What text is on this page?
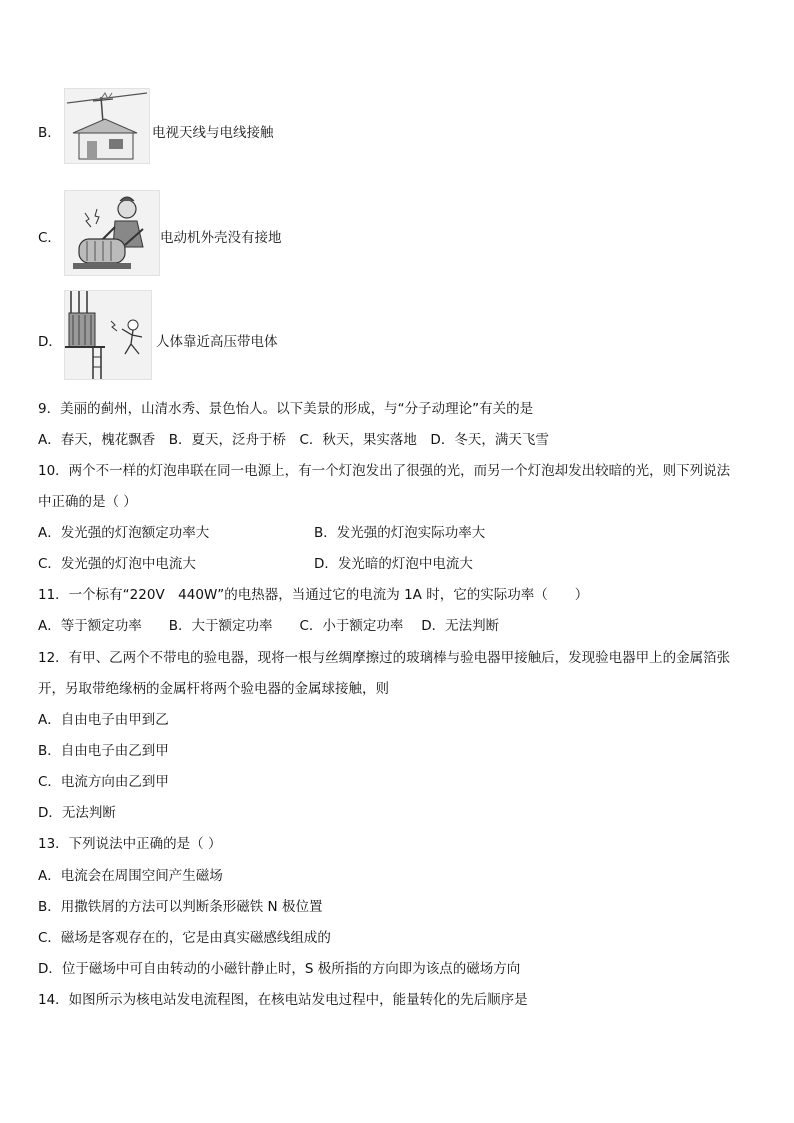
B．	电视天线与电线接触
C．	电动机外壳没有接地
D．	人体靠近高压带电体
9．美丽的蓟州，山清水秀、景色怡人。以下美景的形成，与“分子动理论”有关的是
A．春天，槐花飘香　B．夏天，泛舟于桥　C．秋天，果实落地　D．冬天，满天飞雪
10．两个不一样的灯泡串联在同一电源上，有一个灯泡发出了很强的光，而另一个灯泡却发出较暗的光，则下列说法
中正确的是（ ）
A．发光强的灯泡额定功率大	B．发光强的灯泡实际功率大
C．发光强的灯泡中电流大	D．发光暗的灯泡中电流大
11．一个标有“220V　440W”的电热器，当通过它的电流为 1A 时，它的实际功率（　　）
A．等于额定功率　　B．大于额定功率　　C．小于额定功率　 D．无法判断
12．有甲、乙两个不带电的验电器，现将一根与丝绸摩擦过的玻璃棒与验电器甲接触后，发现验电器甲上的金属箔张
开，另取带绝缘柄的金属杆将两个验电器的金属球接触，则
A．自由电子由甲到乙
B．自由电子由乙到甲
C．电流方向由乙到甲
D．无法判断
13．下列说法中正确的是（ ）
A．电流会在周围空间产生磁场
B．用撒铁屑的方法可以判断条形磁铁 N 极位置
C．磁场是客观存在的，它是由真实磁感线组成的
D．位于磁场中可自由转动的小磁针静止时，S 极所指的方向即为该点的磁场方向
14．如图所示为核电站发电流程图，在核电站发电过程中，能量转化的先后顺序是
